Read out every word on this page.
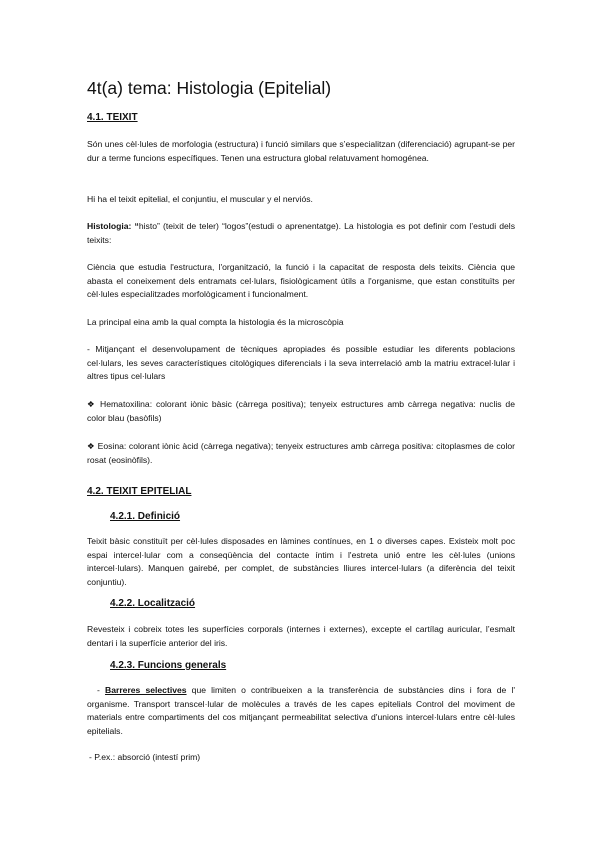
4t(a) tema: Histologia (Epitelial)
4.1. TEIXIT

Són unes cèl·lules de morfologia (estructura) i funció similars que s’especialitzan (diferenciació) agrupant-se per dur a terme funcions específiques. Tenen una estructura global relatuvament homogénea.

Hi ha el teixit epitelial, el conjuntiu, el muscular y el nerviós.

Histologia: “histo” (teixit de teler) “logos”(estudi o aprenentatge). La histologia es pot definir com l’estudi dels teixits:

Ciència que estudia l'estructura, l'organització, la funció i la capacitat de resposta dels teixits. Ciència que abasta el coneixement dels entramats cel·lulars, fisiològicament útils a l'organisme, que estan constituïts per cèl·lules especialitzades morfològicament i funcionalment.

La principal eina amb la qual compta la histologia és la microscòpia

- Mitjançant el desenvolupament de tècniques apropiades és possible estudiar les diferents poblacions cel·lulars, les seves característiques citològiques diferencials i la seva interrelació amb la matriu extracel·lular i altres tipus cel·lulars

❖ Hematoxilina: colorant iònic bàsic (càrrega positiva); tenyeix estructures amb càrrega negativa: nuclis de color blau (basòfils)

❖ Eosina: colorant iònic àcid (càrrega negativa); tenyeix estructures amb càrrega positiva: citoplasmes de color rosat (eosinòfils).

4.2. TEIXIT EPITELIAL
4.2.1. Definició

Teixit bàsic constituït per cèl·lules disposades en làmines contínues, en 1 o diverses capes. Existeix molt poc espai intercel·lular com a conseqüència del contacte íntim i l'estreta unió entre les cèl·lules (unions intercel·lulars). Manquen gairebé, per complet, de substàncies lliures intercel·lulars (a diferència del teixit conjuntiu).

4.2.2. Localització

Revesteix i cobreix totes les superfícies corporals (internes i externes), excepte el cartílag auricular, l’esmalt dentari i la superfície anterior del iris.

4.2.3. Funcions generals

- Barreres selectives que limiten o contribueixen a la transferència de substàncies dins i fora de l' organisme. Transport transcel·lular de molècules a través de les capes epitelials Control del moviment de materials entre compartiments del cos mitjançant permeabilitat selectiva d'unions intercel·lulars entre cèl·lules epitelials.

- P.ex.: absorció (intestí prim)
